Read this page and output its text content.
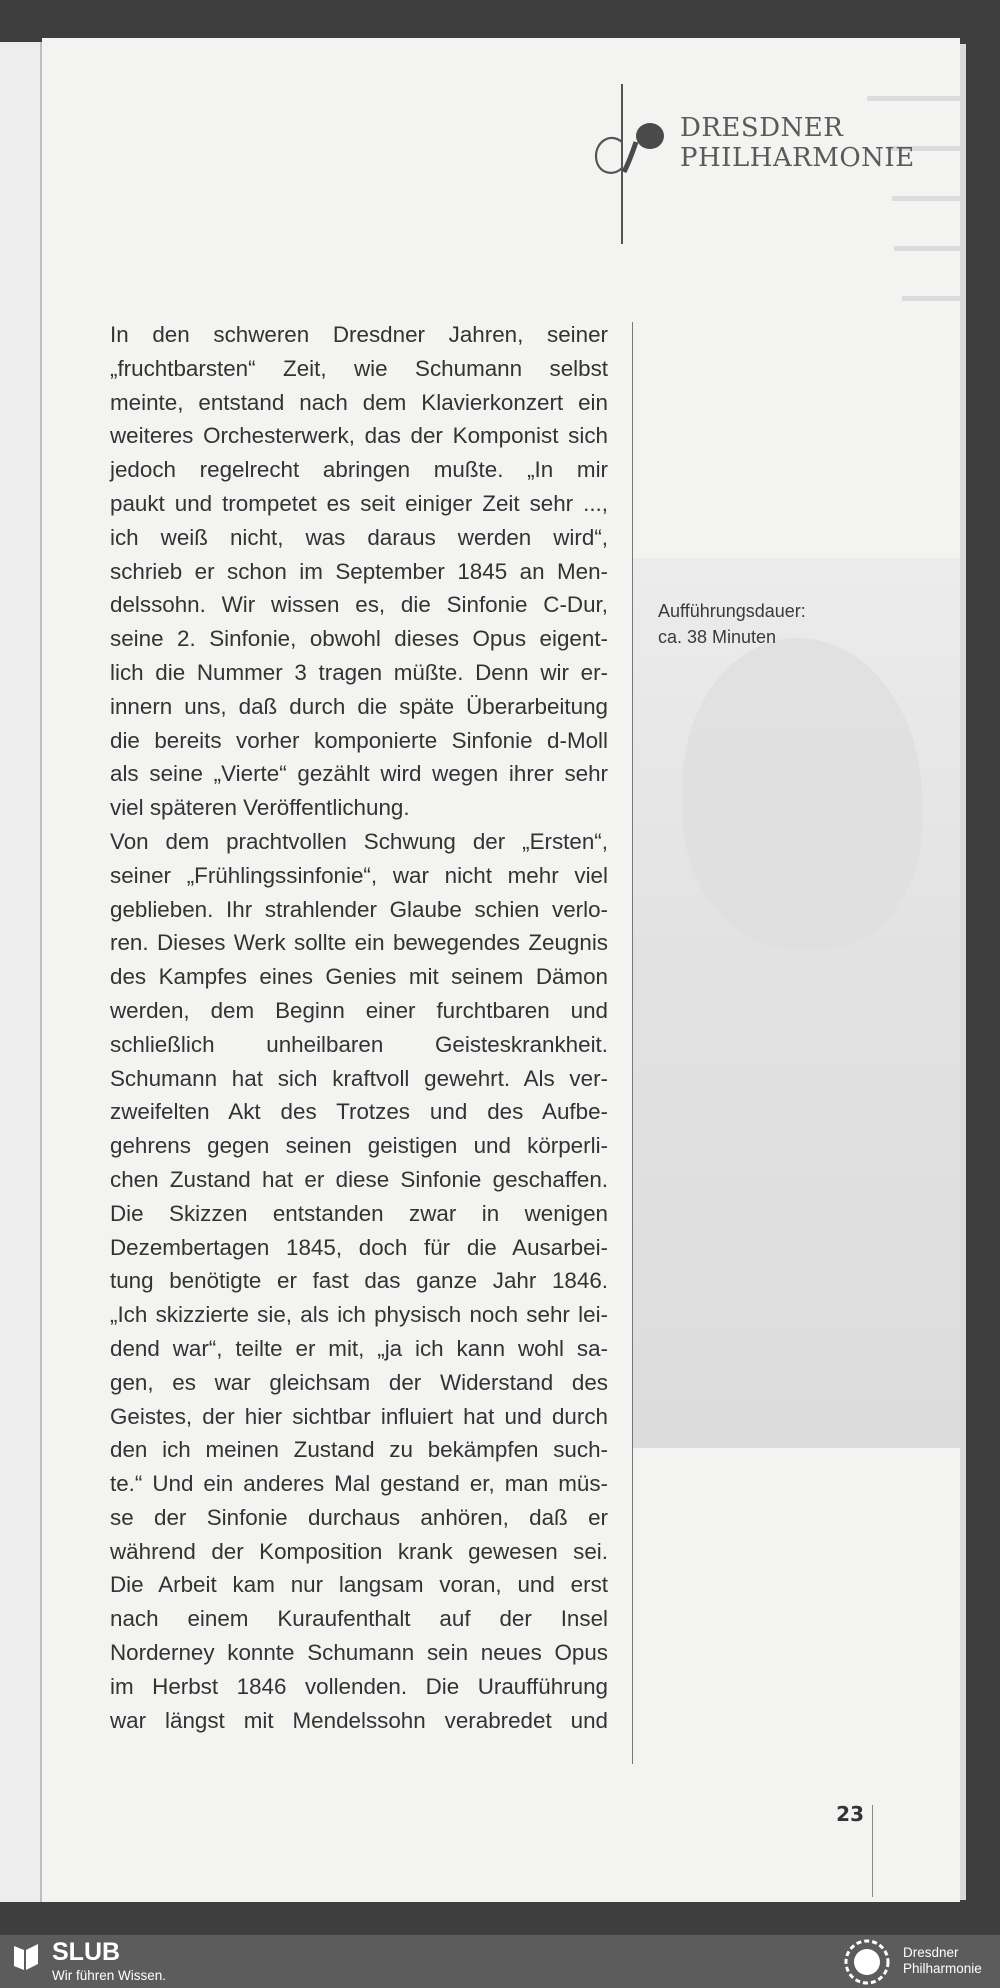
DRESDNER
PHILHARMONIE
In den schweren Dresdner Jahren, seiner
„fruchtbarsten“ Zeit, wie Schumann selbst
meinte, entstand nach dem Klavierkonzert ein
weiteres Orchesterwerk, das der Komponist sich
jedoch regelrecht abringen mußte. „In mir
paukt und trompetet es seit einiger Zeit sehr ...,
ich weiß nicht, was daraus werden wird“,
schrieb er schon im September 1845 an Men-
delssohn. Wir wissen es, die Sinfonie C-Dur,
seine 2. Sinfonie, obwohl dieses Opus eigent-
lich die Nummer 3 tragen müßte. Denn wir er-
innern uns, daß durch die späte Überarbeitung
die bereits vorher komponierte Sinfonie d-Moll
als seine „Vierte“ gezählt wird wegen ihrer sehr
viel späteren Veröffentlichung.
Von dem prachtvollen Schwung der „Ersten“,
seiner „Frühlingssinfonie“, war nicht mehr viel
geblieben. Ihr strahlender Glaube schien verlo-
ren. Dieses Werk sollte ein bewegendes Zeugnis
des Kampfes eines Genies mit seinem Dämon
werden, dem Beginn einer furchtbaren und
schließlich unheilbaren Geisteskrankheit.
Schumann hat sich kraftvoll gewehrt. Als ver-
zweifelten Akt des Trotzes und des Aufbe-
gehrens gegen seinen geistigen und körperli-
chen Zustand hat er diese Sinfonie geschaffen.
Die Skizzen entstanden zwar in wenigen
Dezembertagen 1845, doch für die Ausarbei-
tung benötigte er fast das ganze Jahr 1846.
„Ich skizzierte sie, als ich physisch noch sehr lei-
dend war“, teilte er mit, „ja ich kann wohl sa-
gen, es war gleichsam der Widerstand des
Geistes, der hier sichtbar influiert hat und durch
den ich meinen Zustand zu bekämpfen such-
te.“ Und ein anderes Mal gestand er, man müs-
se der Sinfonie durchaus anhören, daß er
während der Komposition krank gewesen sei.
Die Arbeit kam nur langsam voran, und erst
nach einem Kuraufenthalt auf der Insel
Norderney konnte Schumann sein neues Opus
im Herbst 1846 vollenden. Die Uraufführung
war längst mit Mendelssohn verabredet und
Aufführungsdauer:
ca. 38 Minuten
23
SLUB
Wir führen Wissen.
Dresdner
Philharmonie
